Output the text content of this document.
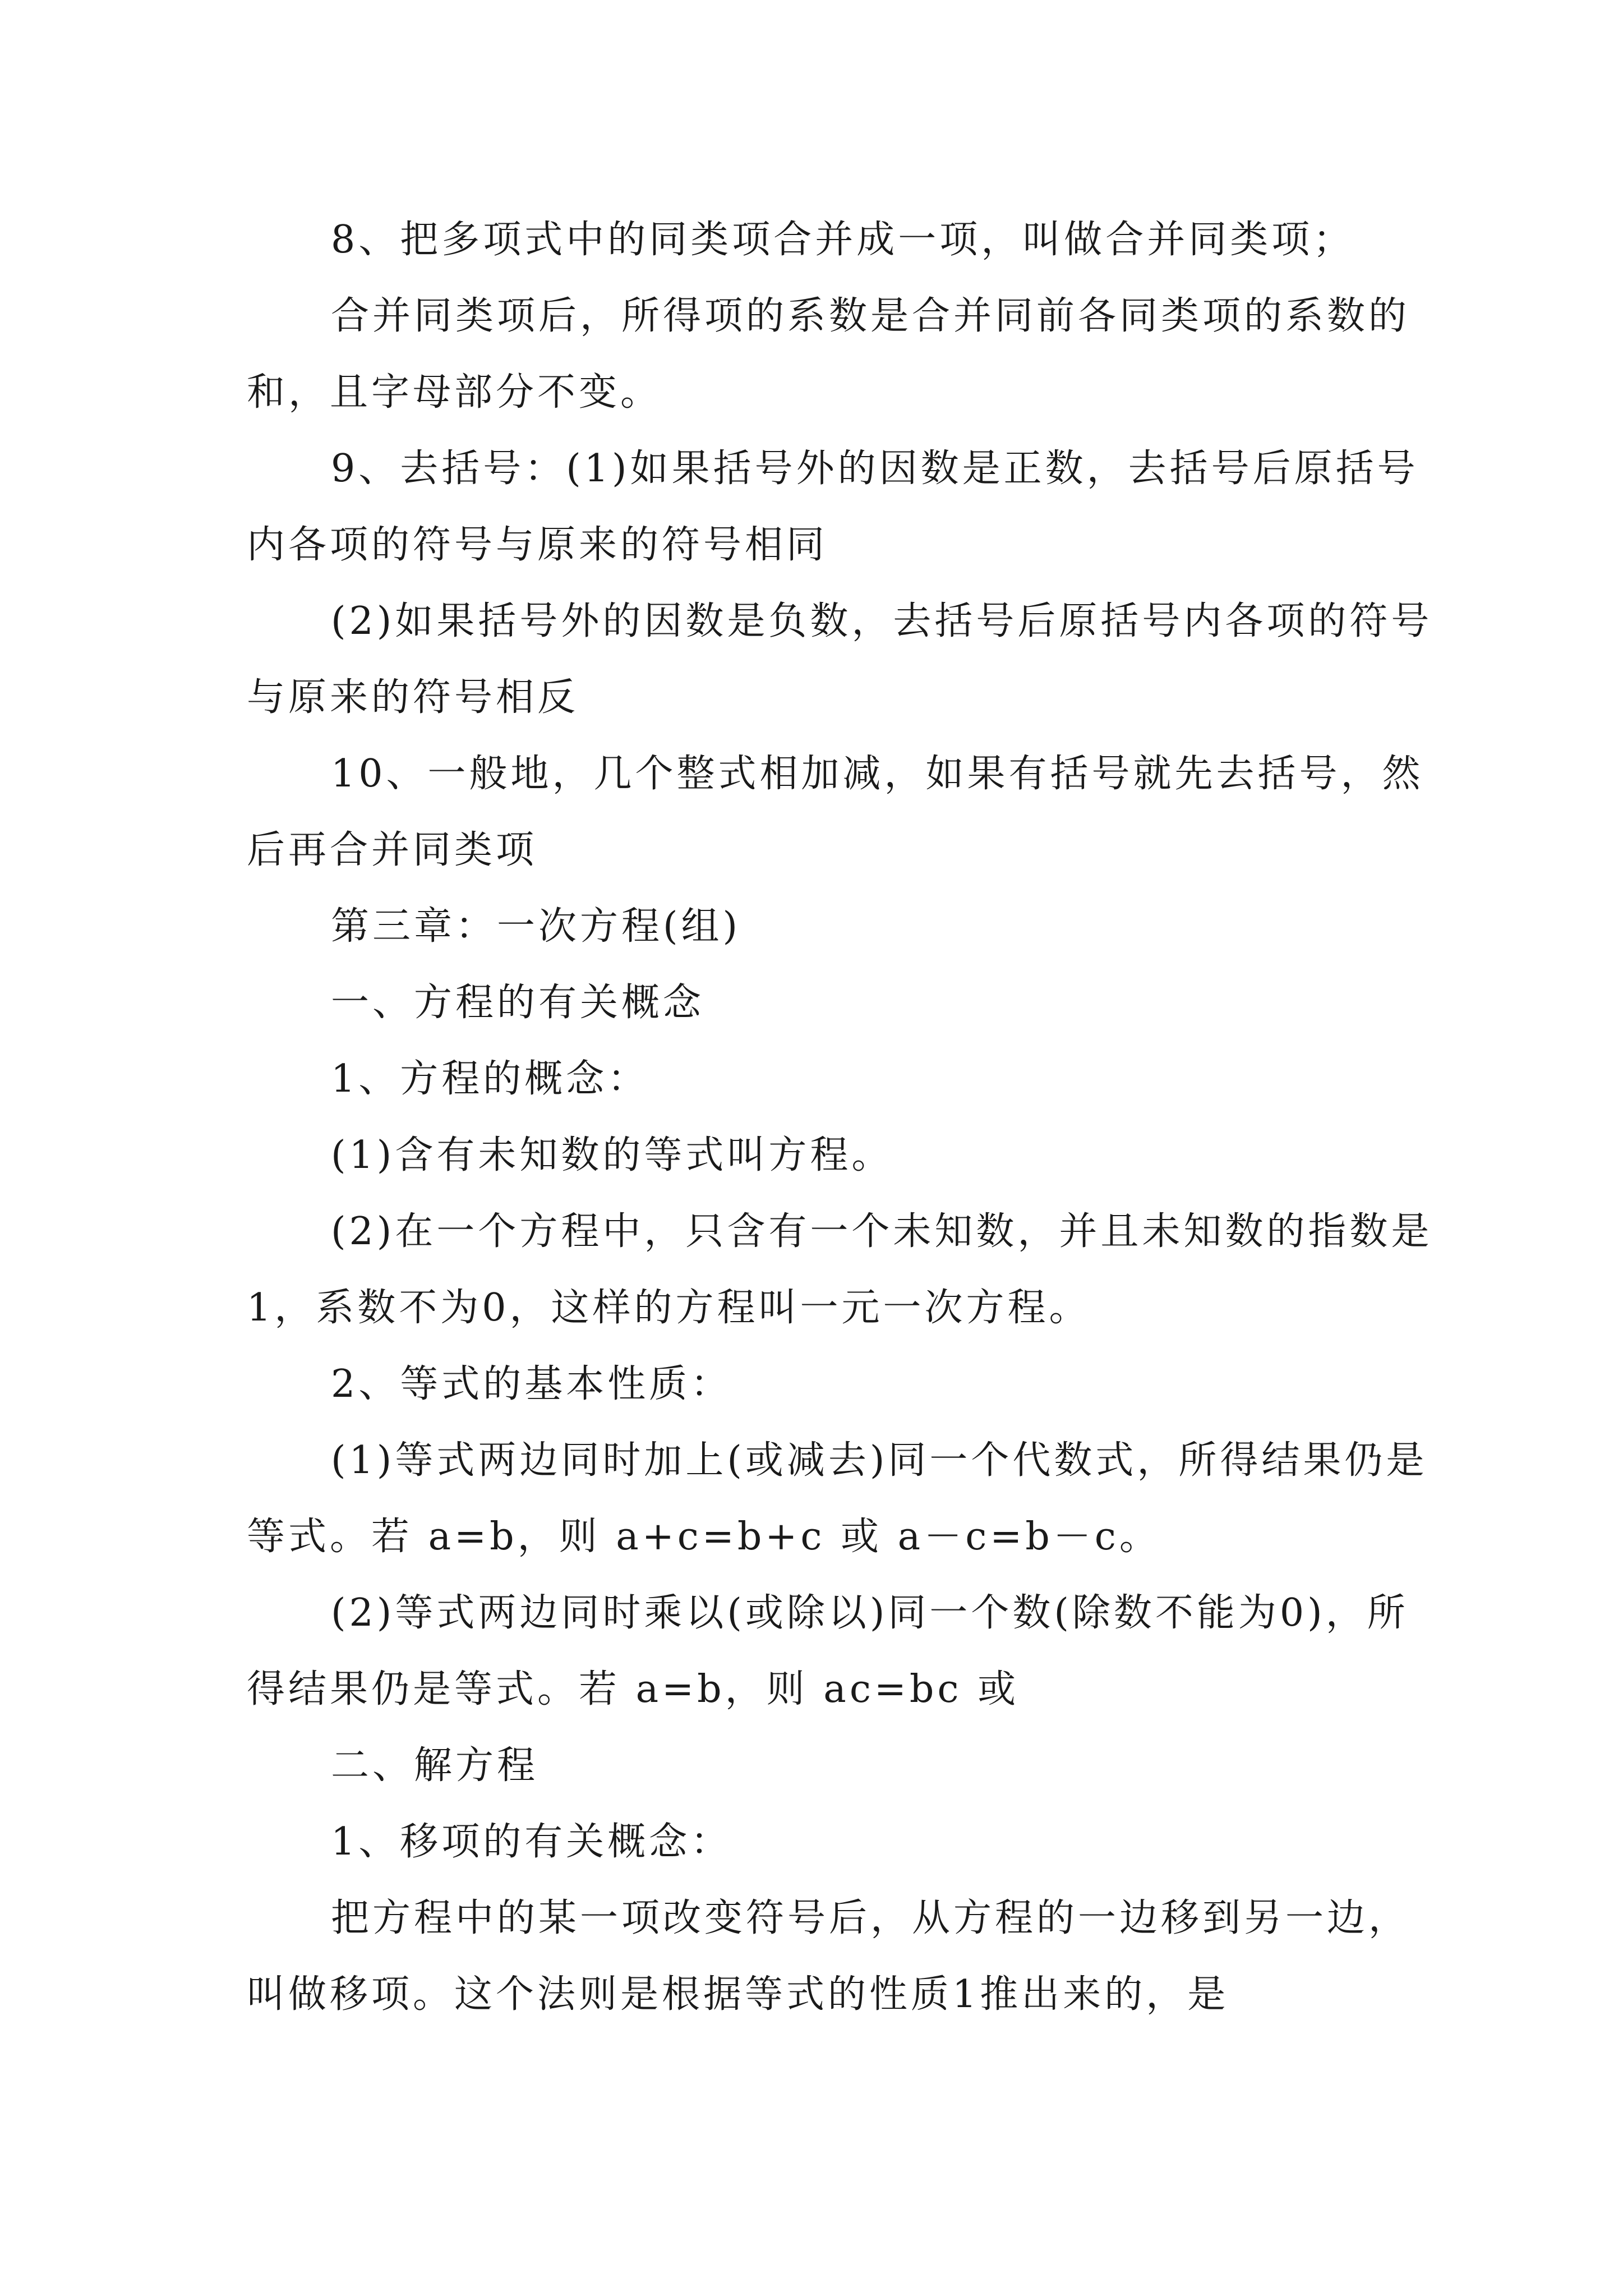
8、把多项式中的同类项合并成一项，叫做合并同类项；

合并同类项后，所得项的系数是合并同前各同类项的系数的和，且字母部分不变。

9、去括号：(1)如果括号外的因数是正数，去括号后原括号内各项的符号与原来的符号相同

(2)如果括号外的因数是负数，去括号后原括号内各项的符号与原来的符号相反

10、一般地，几个整式相加减，如果有括号就先去括号，然后再合并同类项

第三章：一次方程(组)

一、方程的有关概念

1、方程的概念：

(1)含有未知数的等式叫方程。

(2)在一个方程中，只含有一个未知数，并且未知数的指数是1，系数不为0，这样的方程叫一元一次方程。

2、等式的基本性质：

(1)等式两边同时加上(或减去)同一个代数式，所得结果仍是等式。若 a=b，则 a+c=b+c 或 a－c=b－c。

(2)等式两边同时乘以(或除以)同一个数(除数不能为0)，所得结果仍是等式。若 a=b，则 ac=bc 或

二、解方程

1、移项的有关概念：

把方程中的某一项改变符号后，从方程的一边移到另一边，叫做移项。这个法则是根据等式的性质1推出来的，是
